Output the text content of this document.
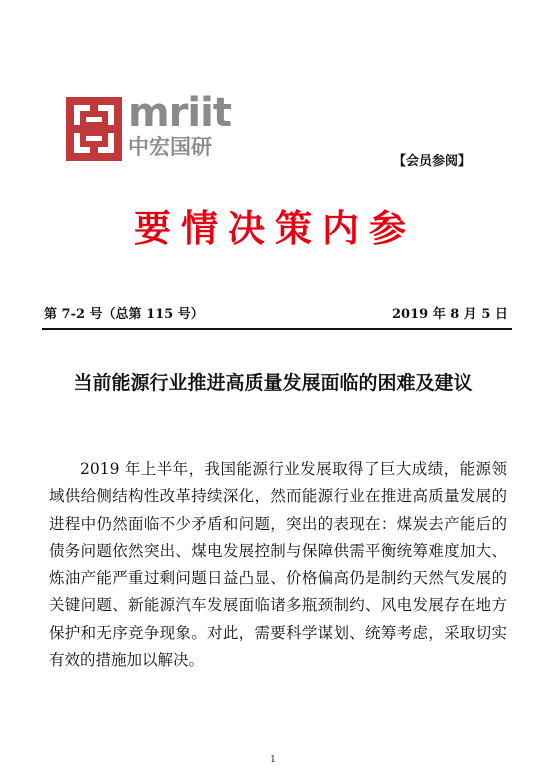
mriit
中宏国研
【会员参阅】
要情决策内参
第 7-2 号（总第 115 号）	2019 年 8 月 5 日
当前能源行业推进高质量发展面临的困难及建议

2019 年上半年，我国能源行业发展取得了巨大成绩，能源领域供给侧结构性改革持续深化，然而能源行业在推进高质量发展的进程中仍然面临不少矛盾和问题，突出的表现在：煤炭去产能后的债务问题依然突出、煤电发展控制与保障供需平衡统筹难度加大、炼油产能严重过剩问题日益凸显、价格偏高仍是制约天然气发展的关键问题、新能源汽车发展面临诸多瓶颈制约、风电发展存在地方保护和无序竞争现象。对此，需要科学谋划、统筹考虑，采取切实有效的措施加以解决。

1
